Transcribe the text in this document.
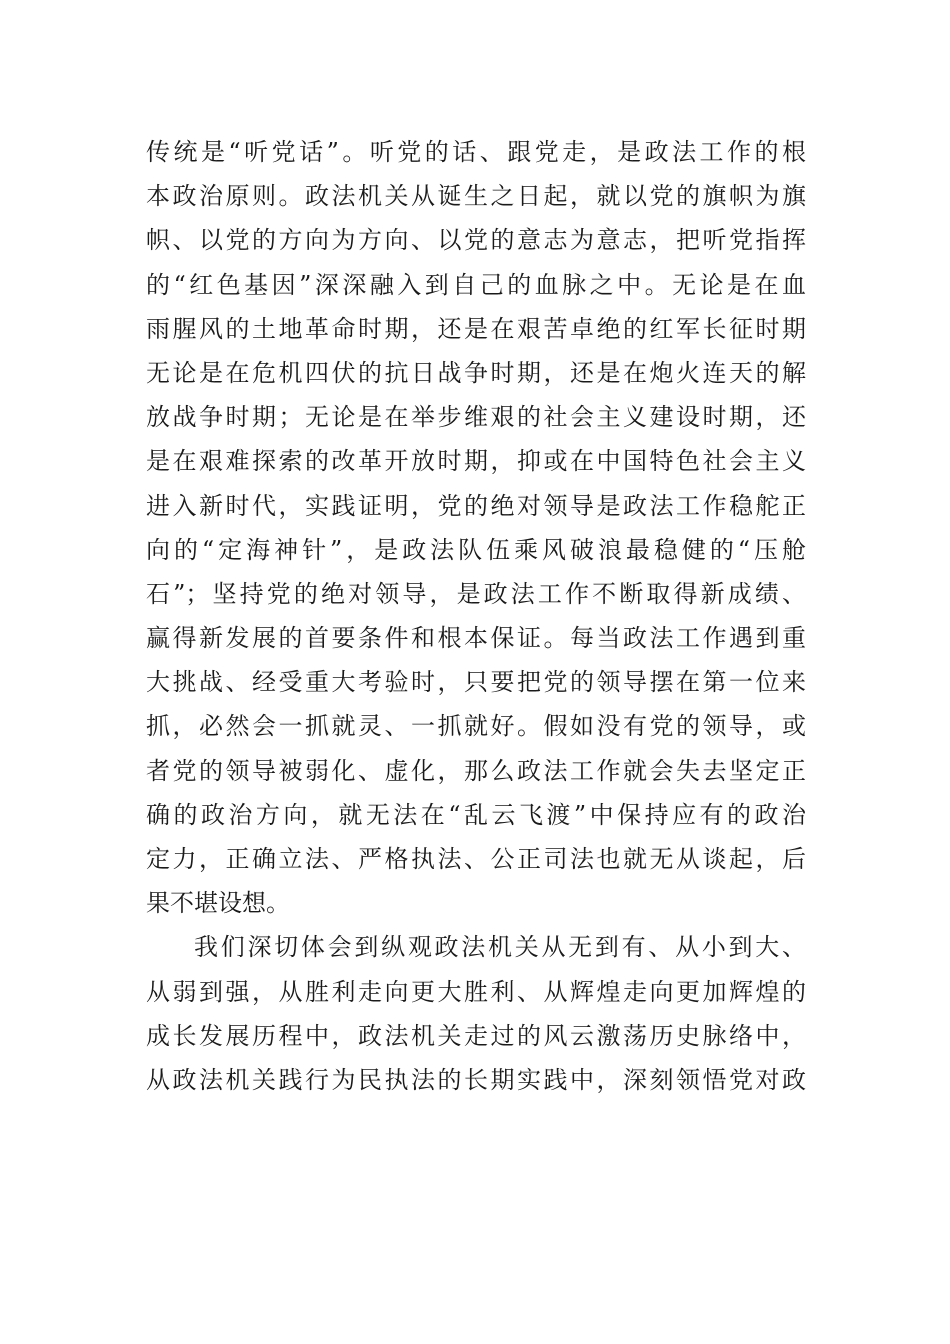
传统是“听党话”。听党的话、跟党走，是政法工作的根
本政治原则。政法机关从诞生之日起，就以党的旗帜为旗
帜、以党的方向为方向、以党的意志为意志，把听党指挥
的“红色基因”深深融入到自己的血脉之中。无论是在血
雨腥风的土地革命时期，还是在艰苦卓绝的红军长征时期
无论是在危机四伏的抗日战争时期，还是在炮火连天的解
放战争时期；无论是在举步维艰的社会主义建设时期，还
是在艰难探索的改革开放时期，抑或在中国特色社会主义
进入新时代，实践证明，党的绝对领导是政法工作稳舵正
向的“定海神针”，是政法队伍乘风破浪最稳健的“压舱
石”；坚持党的绝对领导，是政法工作不断取得新成绩、
赢得新发展的首要条件和根本保证。每当政法工作遇到重
大挑战、经受重大考验时，只要把党的领导摆在第一位来
抓，必然会一抓就灵、一抓就好。假如没有党的领导，或
者党的领导被弱化、虚化，那么政法工作就会失去坚定正
确的政治方向，就无法在“乱云飞渡”中保持应有的政治
定力，正确立法、严格执法、公正司法也就无从谈起，后
果不堪设想。
我们深切体会到纵观政法机关从无到有、从小到大、
从弱到强，从胜利走向更大胜利、从辉煌走向更加辉煌的
成长发展历程中，政法机关走过的风云激荡历史脉络中，
从政法机关践行为民执法的长期实践中，深刻领悟党对政
